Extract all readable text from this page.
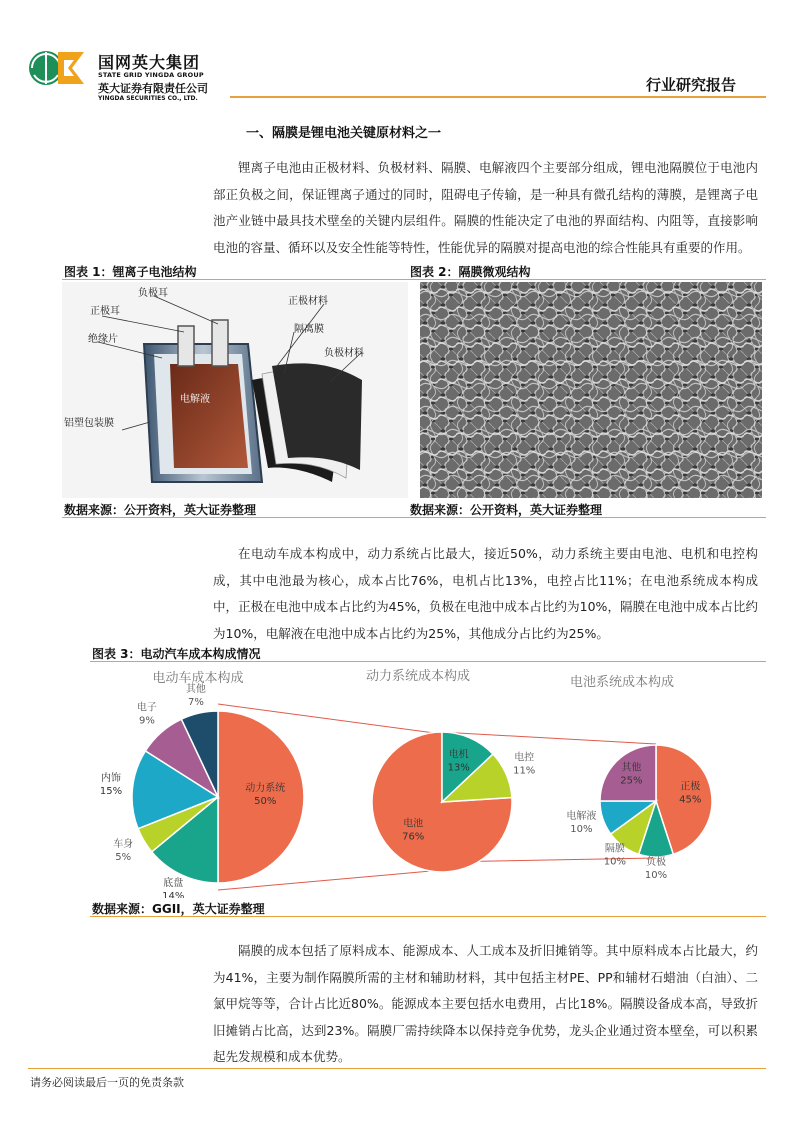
国网英大集团
STATE GRID YINGDA GROUP
英大证券有限责任公司
YINGDA SECURITIES CO., LTD.
行业研究报告
一、隔膜是锂电池关键原材料之一

锂离子电池由正极材料、负极材料、隔膜、电解液四个主要部分组成，锂电池隔膜位于电池内部正负极之间，保证锂离子通过的同时，阻碍电子传输，是一种具有微孔结构的薄膜，是锂离子电池产业链中最具技术壁垒的关键内层组件。隔膜的性能决定了电池的界面结构、内阻等，直接影响电池的容量、循环以及安全性能等特性，性能优异的隔膜对提高电池的综合性能具有重要的作用。

图表 1：锂离子电池结构	图表 2：隔膜微观结构
负极耳
正极耳
绝缘片
铝塑包装膜
电解液
正极材料
隔离膜
负极材料
数据来源：公开资料，英大证券整理	数据来源：公开资料，英大证券整理

在电动车成本构成中，动力系统占比最大，接近50%，动力系统主要由电池、电机和电控构成，其中电池最为核心，成本占比76%，电机占比13%，电控占比11%；在电池系统成本构成中，正极在电池中成本占比约为45%，负极在电池中成本占比约为10%，隔膜在电池中成本占比约为10%，电解液在电池中成本占比约为25%，其他成分占比约为25%。

图表 3：电动汽车成本构成情况
电动车成本构成	动力系统成本构成	电池系统成本构成
动力系统 50%
底盘 14%
车身 5%
内饰 15%
电子 9%
其他 7%
电池 76%
电机 13%
电控 11%
正极 45%
负极 10%
隔膜 10%
电解液 10%
其他 25%
数据来源：GGII，英大证券整理

隔膜的成本包括了原料成本、能源成本、人工成本及折旧摊销等。其中原料成本占比最大，约为41%，主要为制作隔膜所需的主材和辅助材料，其中包括主材PE、PP和辅材石蜡油（白油）、二氯甲烷等等，合计占比近80%。能源成本主要包括水电费用，占比18%。隔膜设备成本高，导致折旧摊销占比高，达到23%。隔膜厂需持续降本以保持竞争优势，龙头企业通过资本壁垒，可以积累起先发规模和成本优势。

请务必阅读最后一页的免责条款
